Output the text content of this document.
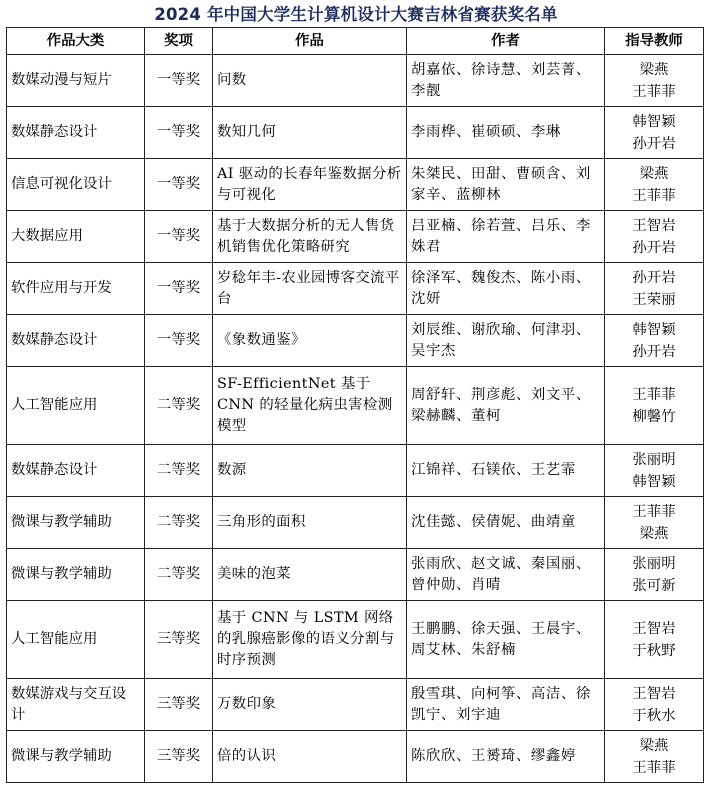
2024 年中国大学生计算机设计大赛吉林省赛获奖名单
作品大类	奖项	作品	作者	指导教师
数媒动漫与短片	一等奖	问数	胡嘉依、徐诗慧、刘芸菁、李靓	梁燕
王菲菲

数媒静态设计	一等奖	数知几何	李雨桦、崔硕硕、李琳	韩智颖
孙开岩

信息可视化设计	一等奖	AI 驱动的长春年鉴数据分析与可视化	朱桀民、田甜、曹硕含、刘家辛、蓝柳林	梁燕
王菲菲

大数据应用	一等奖	基于大数据分析的无人售货机销售优化策略研究	吕亚楠、徐若萱、吕乐、李姝君	王智岩
孙开岩

软件应用与开发	一等奖	岁稔年丰-农业园博客交流平台	徐泽军、魏俊杰、陈小雨、沈妍	孙开岩
王荣丽

数媒静态设计	一等奖	《象数通鉴》	刘辰维、谢欣瑜、何津羽、吴宇杰	韩智颖
孙开岩

人工智能应用	二等奖	SF-EfficientNet 基于 CNN 的轻量化病虫害检测模型	周舒轩、荆彦彪、刘文平、梁赫麟、董柯	王菲菲
柳馨竹

数媒静态设计	二等奖	数源	江锦祥、石镁依、王艺霏	张丽明
韩智颖

微课与教学辅助	二等奖	三角形的面积	沈佳懿、侯倩妮、曲靖童	王菲菲
梁燕

微课与教学辅助	二等奖	美味的泡菜	张雨欣、赵文诚、秦国丽、曾仲勋、肖晴	张丽明
张可新

人工智能应用	三等奖	基于 CNN 与 LSTM 网络的乳腺癌影像的语义分割与时序预测	王鹏鹏、徐天强、王晨宇、周艾林、朱舒楠	王智岩
于秋野

数媒游戏与交互设计	三等奖	万数印象	殷雪琪、向柯筝、高洁、徐凯宁、刘宇迪	王智岩
于秋水

微课与教学辅助	三等奖	倍的认识	陈欣欣、王赟琦、缪鑫婷	梁燕
王菲菲
